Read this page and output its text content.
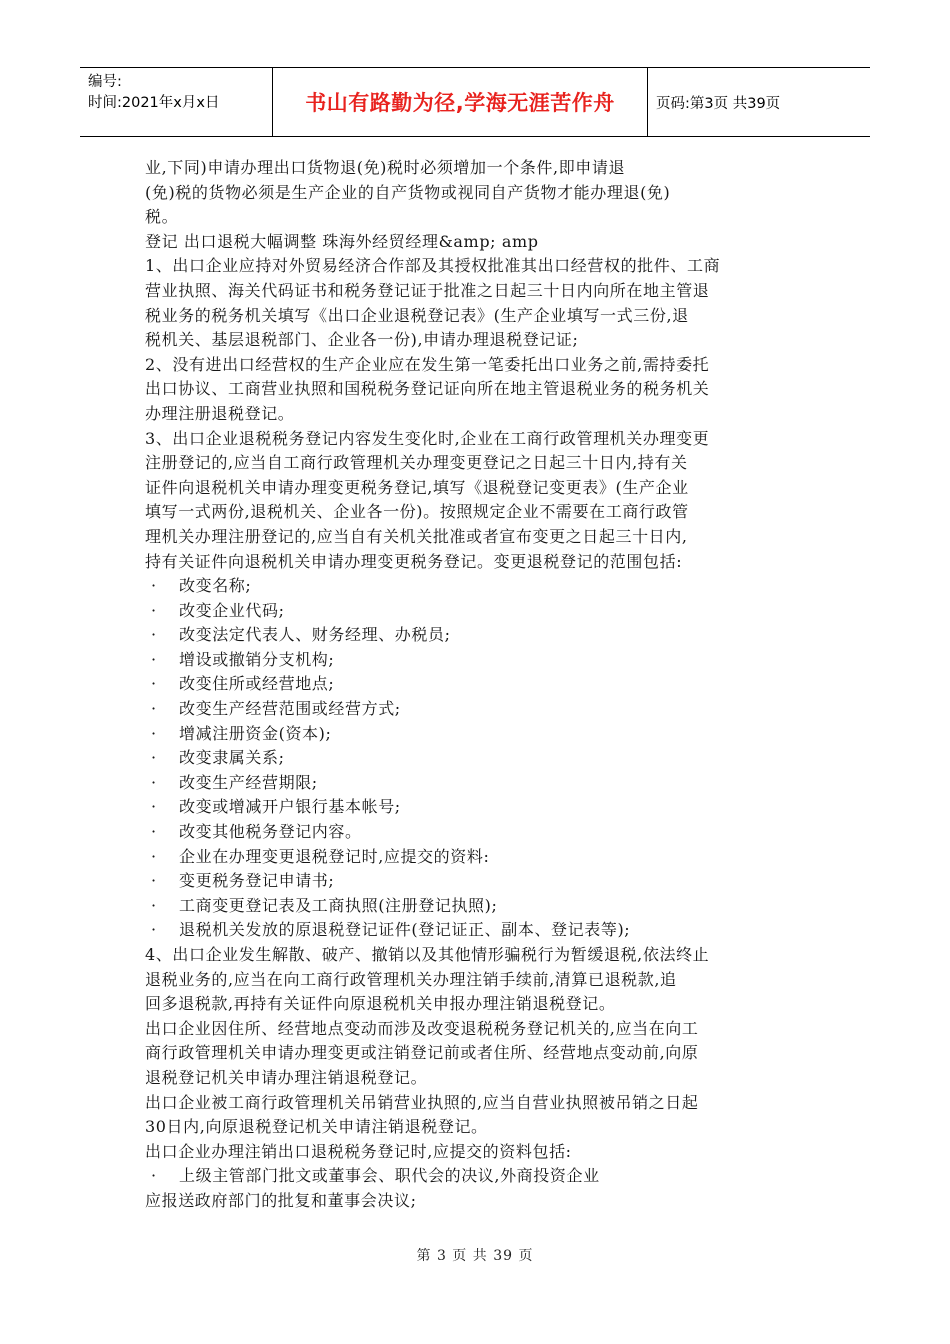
编号:
时间:2021年x月x日	书山有路勤为径,学海无涯苦作舟	页码:第3页 共39页

业,下同)申请办理出口货物退(免)税时必须增加一个条件,即申请退

(免)税的货物必须是生产企业的自产货物或视同自产货物才能办理退(免)

税。

登记 出口退税大幅调整 珠海外经贸经理&amp; amp

1、出口企业应持对外贸易经济合作部及其授权批准其出口经营权的批件、工商

营业执照、海关代码证书和税务登记证于批准之日起三十日内向所在地主管退

税业务的税务机关填写《出口企业退税登记表》(生产企业填写一式三份,退

税机关、基层退税部门、企业各一份),申请办理退税登记证;

2、没有进出口经营权的生产企业应在发生第一笔委托出口业务之前,需持委托

出口协议、工商营业执照和国税税务登记证向所在地主管退税业务的税务机关

办理注册退税登记。

3、出口企业退税税务登记内容发生变化时,企业在工商行政管理机关办理变更

注册登记的,应当自工商行政管理机关办理变更登记之日起三十日内,持有关

证件向退税机关申请办理变更税务登记,填写《退税登记变更表》(生产企业

填写一式两份,退税机关、企业各一份)。按照规定企业不需要在工商行政管

理机关办理注册登记的,应当自有关机关批准或者宣布变更之日起三十日内,

持有关证件向退税机关申请办理变更税务登记。变更退税登记的范围包括:

· 改变名称;

· 改变企业代码;

· 改变法定代表人、财务经理、办税员;

· 增设或撤销分支机构;

· 改变住所或经营地点;

· 改变生产经营范围或经营方式;

· 增减注册资金(资本);

· 改变隶属关系;

· 改变生产经营期限;

· 改变或增减开户银行基本帐号;

· 改变其他税务登记内容。

· 企业在办理变更退税登记时,应提交的资料:

· 变更税务登记申请书;

· 工商变更登记表及工商执照(注册登记执照);

· 退税机关发放的原退税登记证件(登记证正、副本、登记表等);

4、出口企业发生解散、破产、撤销以及其他情形骗税行为暂缓退税,依法终止

退税业务的,应当在向工商行政管理机关办理注销手续前,清算已退税款,追

回多退税款,再持有关证件向原退税机关申报办理注销退税登记。

出口企业因住所、经营地点变动而涉及改变退税税务登记机关的,应当在向工

商行政管理机关申请办理变更或注销登记前或者住所、经营地点变动前,向原

退税登记机关申请办理注销退税登记。

出口企业被工商行政管理机关吊销营业执照的,应当自营业执照被吊销之日起

30日内,向原退税登记机关申请注销退税登记。

出口企业办理注销出口退税税务登记时,应提交的资料包括:

· 上级主管部门批文或董事会、职代会的决议,外商投资企业

应报送政府部门的批复和董事会决议;

第 3 页 共 39 页
